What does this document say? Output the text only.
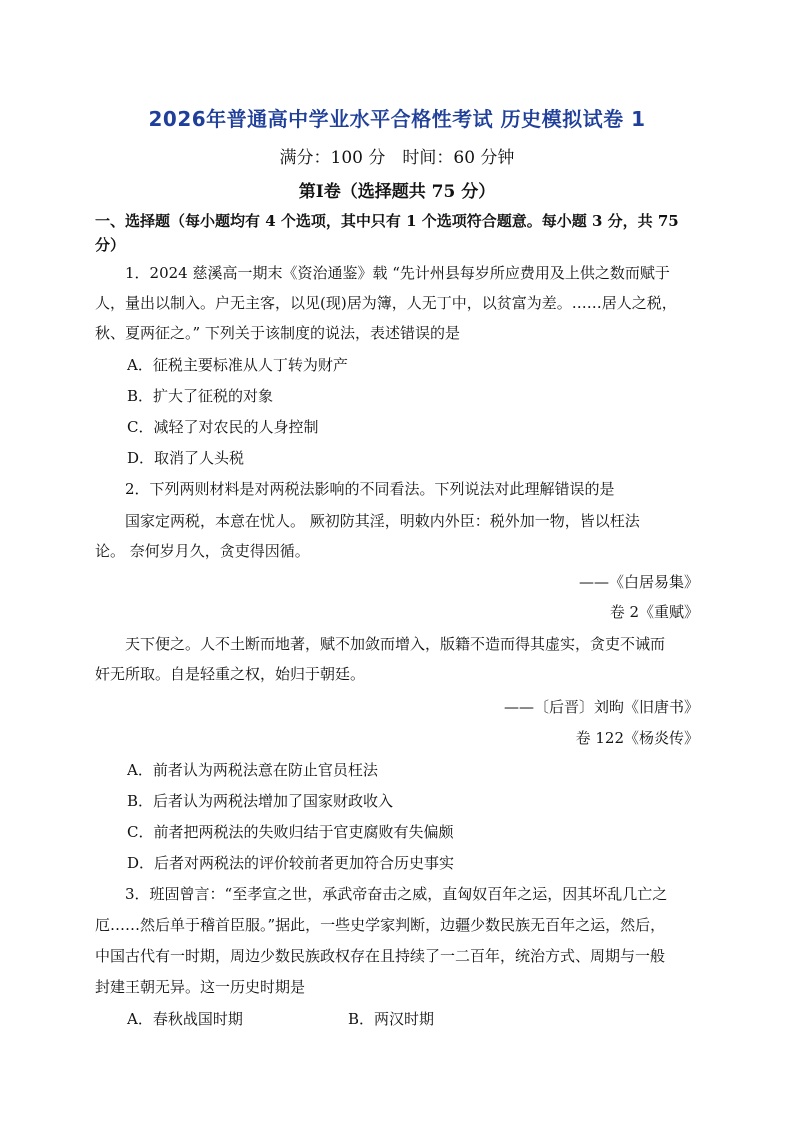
2026年普通高中学业水平合格性考试 历史模拟试卷 1
满分：100 分　时间：60 分钟
第Ⅰ卷（选择题共 75 分）
一、选择题（每小题均有 4 个选项，其中只有 1 个选项符合题意。每小题 3 分，共 75
分）
1．2024 慈溪高一期末《资治通鉴》载 “先计州县每岁所应费用及上供之数而赋于
人，量出以制入。户无主客，以见(现)居为簿，人无丁中，以贫富为差。……居人之税，
秋、夏两征之。” 下列关于该制度的说法，表述错误的是
A．征税主要标准从人丁转为财产
B．扩大了征税的对象
C．减轻了对农民的人身控制
D．取消了人头税
2．下列两则材料是对两税法影响的不同看法。下列说法对此理解错误的是
国家定两税，本意在忧人。 厥初防其淫，明敕内外臣：税外加一物，皆以枉法
论。 奈何岁月久，贪吏得因循。
——《白居易集》
卷 2《重赋》
天下便之。人不土断而地著，赋不加敛而增入，版籍不造而得其虚实，贪吏不诫而
奸无所取。自是轻重之权，始归于朝廷。
——〔后晋〕刘昫《旧唐书》
卷 122《杨炎传》
A．前者认为两税法意在防止官员枉法
B．后者认为两税法增加了国家财政收入
C．前者把两税法的失败归结于官吏腐败有失偏颇
D．后者对两税法的评价较前者更加符合历史事实
3．班固曾言：“至孝宣之世，承武帝奋击之威，直匈奴百年之运，因其坏乱几亡之
厄……然后单于稽首臣服。”据此，一些史学家判断，边疆少数民族无百年之运，然后，
中国古代有一时期，周边少数民族政权存在且持续了一二百年，统治方式、周期与一般
封建王朝无异。这一历史时期是
A．春秋战国时期	B．两汉时期
